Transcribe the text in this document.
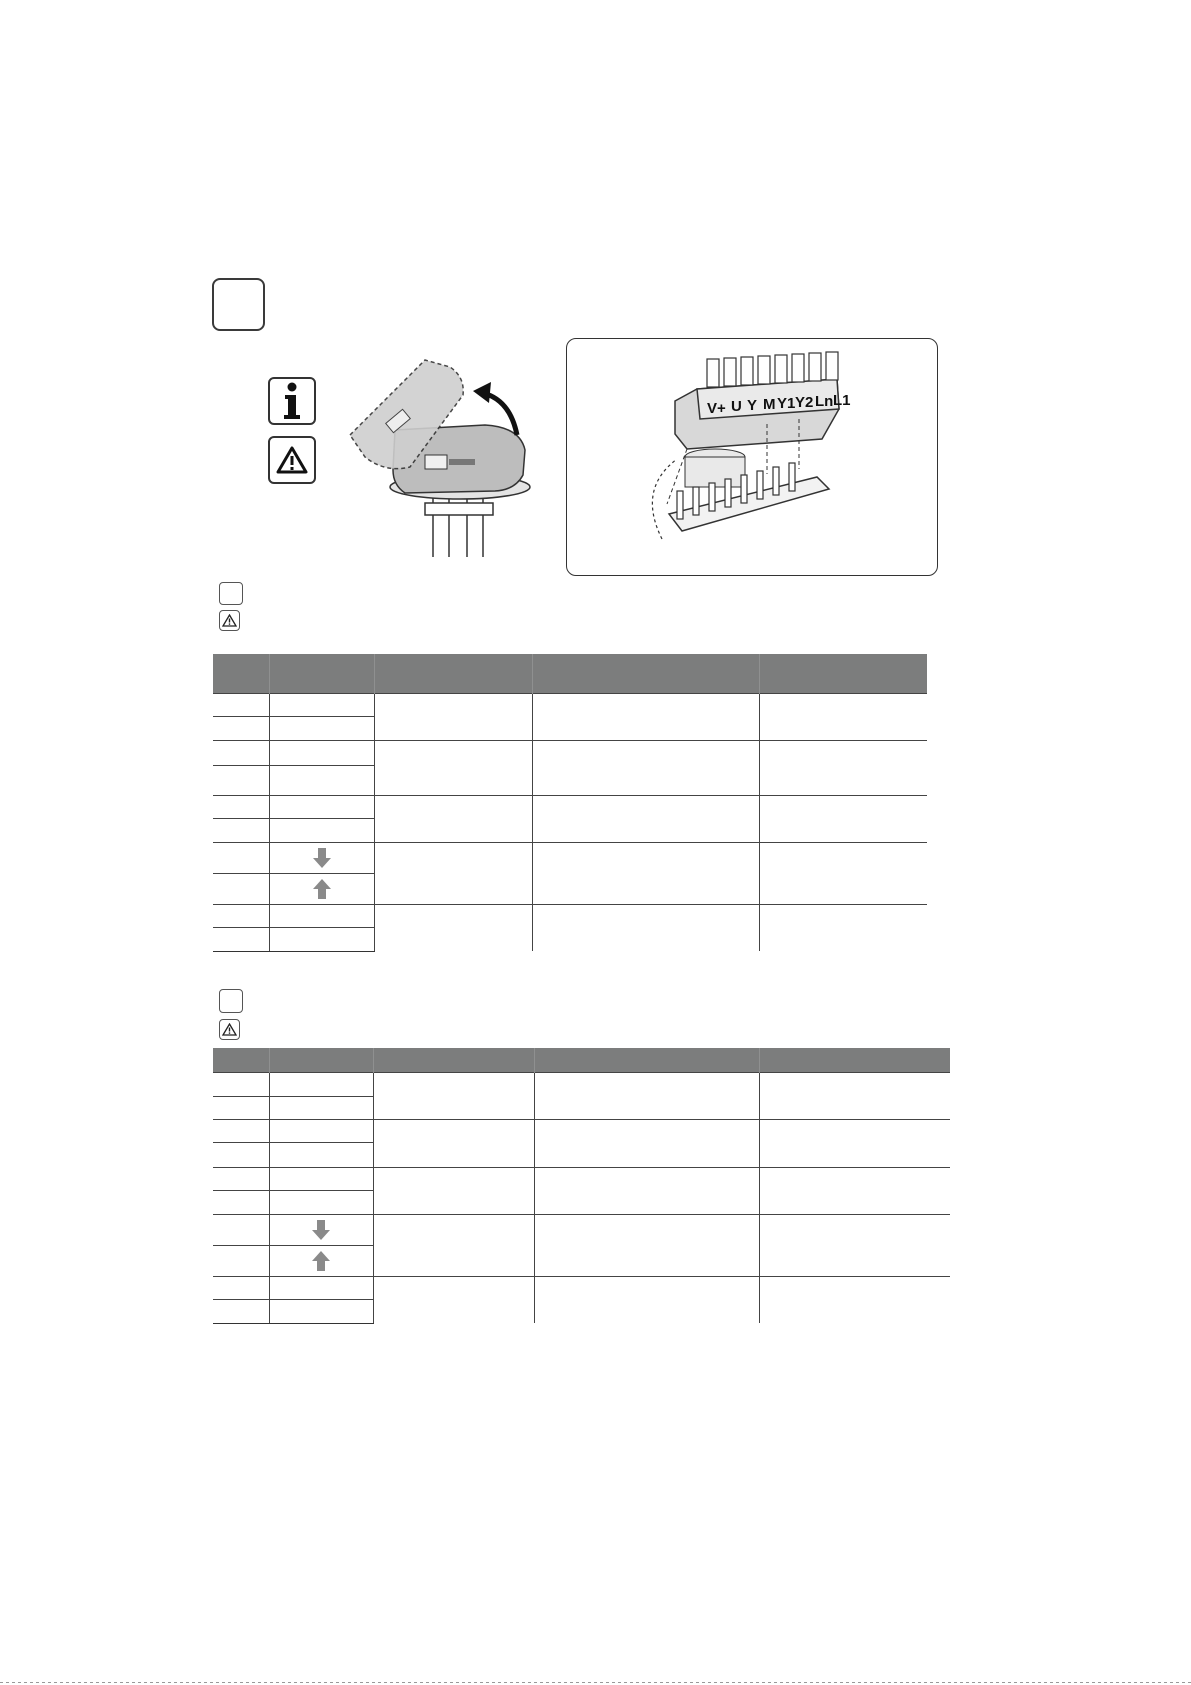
V+ U Y M Y1 Y2 Ln L1
